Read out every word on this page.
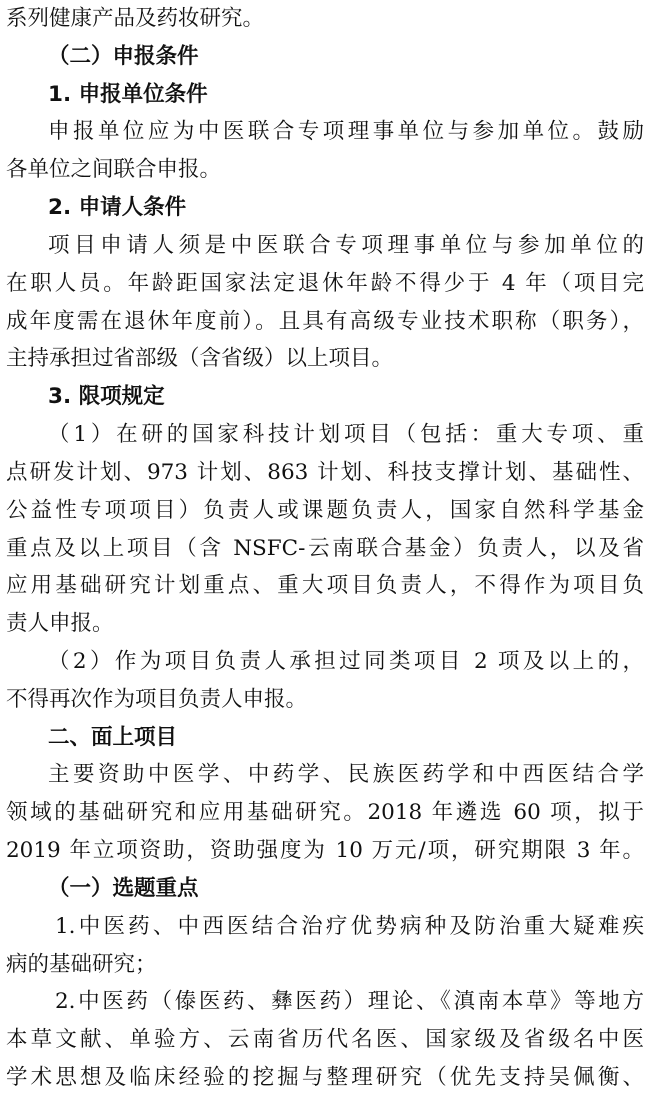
系列健康产品及药妆研究。
（二）申报条件
1. 申报单位条件
申报单位应为中医联合专项理事单位与参加单位。鼓励
各单位之间联合申报。
2. 申请人条件
项目申请人须是中医联合专项理事单位与参加单位的
在职人员。年龄距国家法定退休年龄不得少于 4 年（项目完
成年度需在退休年度前）。且具有高级专业技术职称（职务），
主持承担过省部级（含省级）以上项目。
3. 限项规定
（1）在研的国家科技计划项目（包括：重大专项、重
点研发计划、973 计划、863 计划、科技支撑计划、基础性、
公益性专项项目）负责人或课题负责人，国家自然科学基金
重点及以上项目（含 NSFC-云南联合基金）负责人，以及省
应用基础研究计划重点、重大项目负责人，不得作为项目负
责人申报。
（2）作为项目负责人承担过同类项目 2 项及以上的，
不得再次作为项目负责人申报。
二、面上项目
主要资助中医学、中药学、民族医药学和中西医结合学
领域的基础研究和应用基础研究。2018 年遴选 60 项，拟于
2019 年立项资助，资助强度为 10 万元/项，研究期限 3 年。
（一）选题重点
1.中医药、中西医结合治疗优势病种及防治重大疑难疾
病的基础研究；
2.中医药（傣医药、彝医药）理论、《滇南本草》等地方
本草文献、单验方、云南省历代名医、国家级及省级名中医
学术思想及临床经验的挖掘与整理研究（优先支持吴佩衡、
